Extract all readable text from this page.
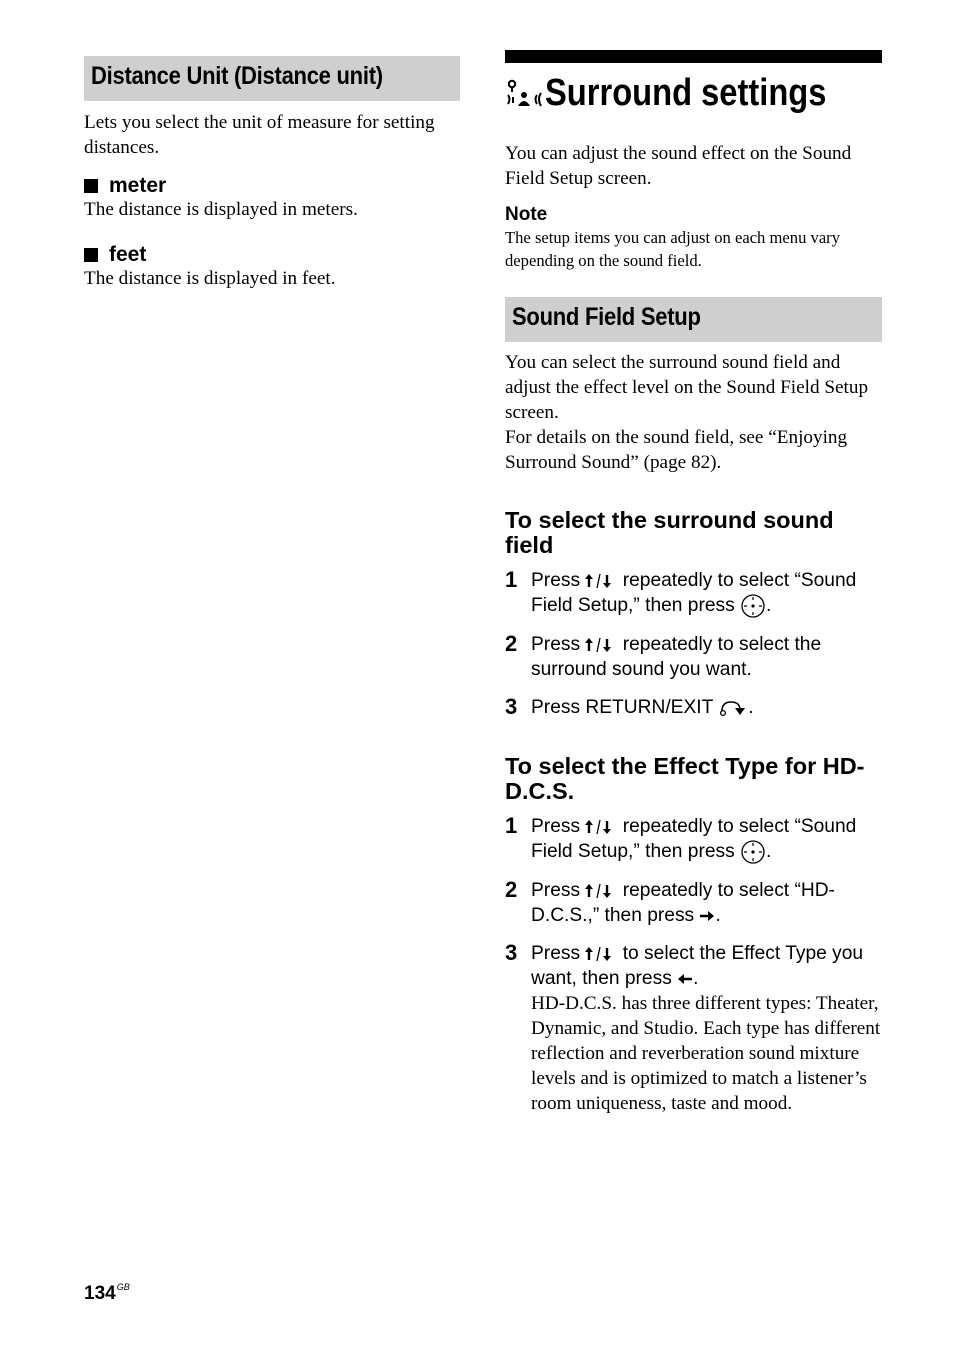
Distance Unit (Distance unit)

Lets you select the unit of measure for setting distances.

meter

The distance is displayed in meters.

feet

The distance is displayed in feet.

Surround settings

You can adjust the sound effect on the Sound Field Setup screen.

Note

The setup items you can adjust on each menu vary depending on the sound field.

Sound Field Setup

You can select the surround sound field and adjust the effect level on the Sound Field Setup screen.

For details on the sound field, see “Enjoying Surround Sound” (page 82).

To select the surround sound field

1 Press  repeatedly to select “Sound Field Setup,” then press .
2 Press  repeatedly to select the surround sound you want.
3 Press RETURN/EXIT .

To select the Effect Type for HD-D.C.S.

1 Press  repeatedly to select “Sound Field Setup,” then press .
2 Press  repeatedly to select “HD-D.C.S.,” then press .
3 Press  to select the Effect Type you want, then press .
HD-D.C.S. has three different types: Theater, Dynamic, and Studio. Each type has different reflection and reverberation sound mixture levels and is optimized to match a listener’s room uniqueness, taste and mood.
$134^{GB}$
